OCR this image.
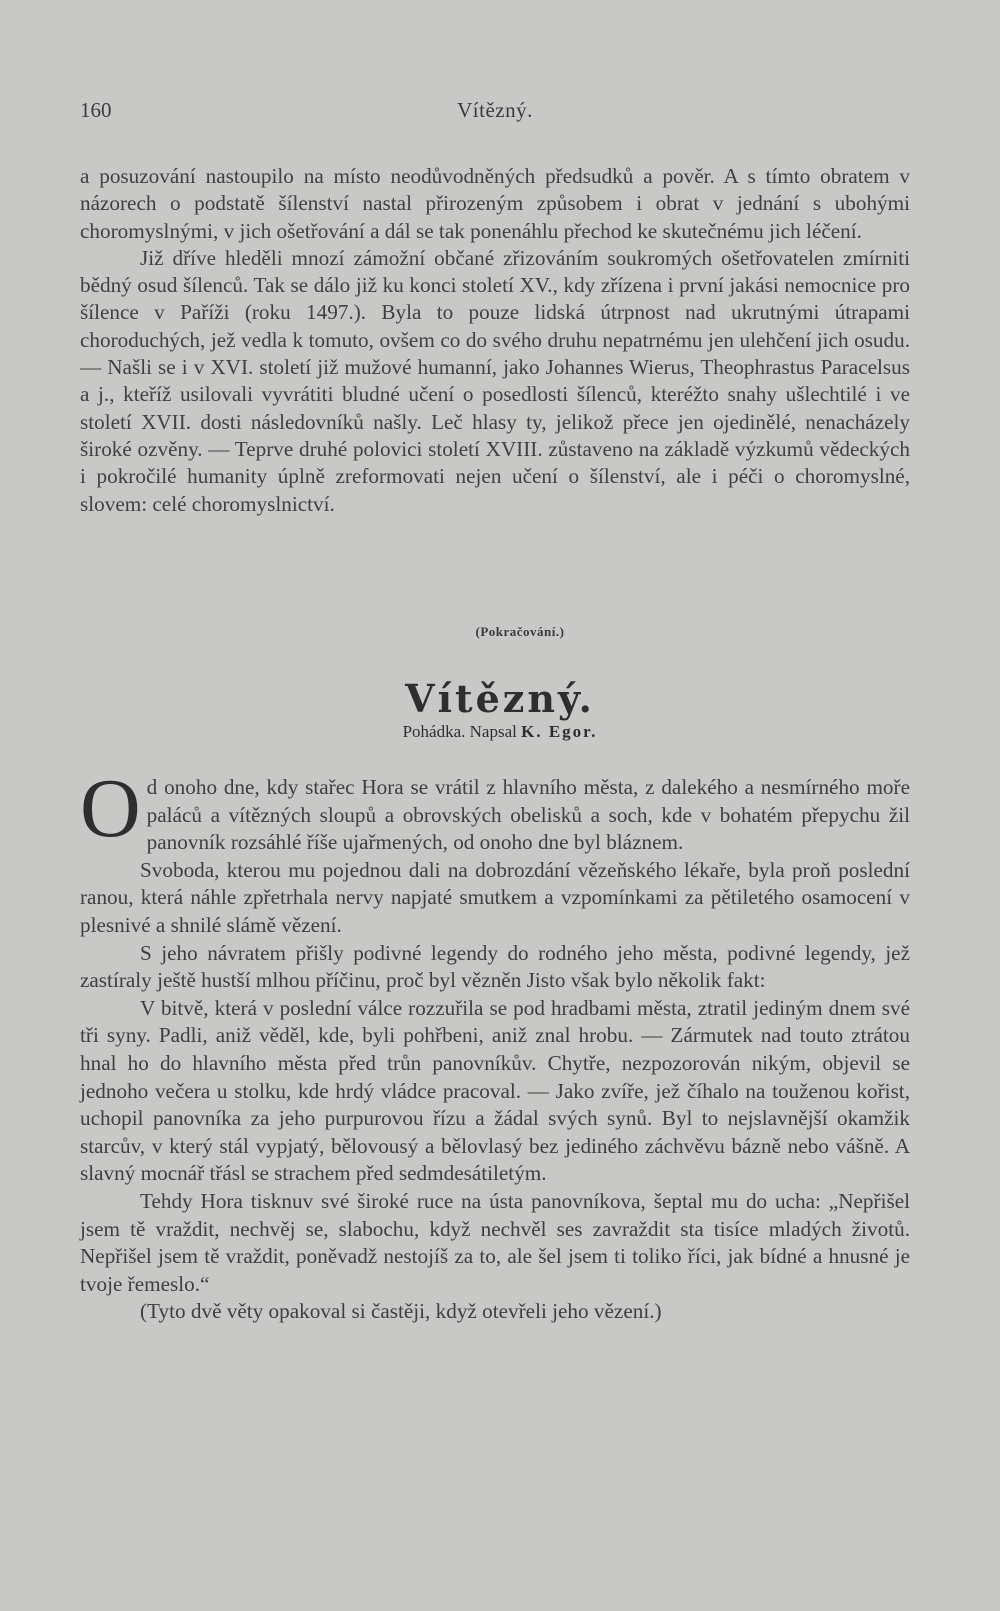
160	Vítězný.

a posuzování nastoupilo na místo neodůvodněných předsudků a pověr. A s tímto obratem v názorech o podstatě šílenství nastal přirozeným způsobem i obrat v jednání s ubohými choromyslnými, v jich ošetřování a dál se tak ponenáhlu přechod ke skutečnému jich léčení.

Již dříve hleděli mnozí zámožní občané zřizováním soukromých ošetřovatelen zmírniti bědný osud šílenců. Tak se dálo již ku konci století XV., kdy zřízena i první jakási nemocnice pro šílence v Paříži (roku 1497.). Byla to pouze lidská útrpnost nad ukrutnými útrapami choroduchých, jež vedla k tomuto, ovšem co do svého druhu nepatrnému jen ulehčení jich osudu. — Našli se i v XVI. století již mužové humanní, jako Johannes Wierus, Theophrastus Paracelsus a j., kteříž usilovali vyvrátiti bludné učení o posedlosti šílenců, kteréžto snahy ušlechtilé i ve století XVII. dosti následovníků našly. Leč hlasy ty, jelikož přece jen ojedinělé, nenacházely široké ozvěny. — Teprve druhé polovici století XVIII. zůstaveno na základě výzkumů vědeckých i pokročilé humanity úplně zreformovati nejen učení o šílenství, ale i péči o choromyslné, slovem: celé choromyslnictví.

(Pokračování.)
Vítězný.
Pohádka. Napsal K. Egor.

Od onoho dne, kdy stařec Hora se vrátil z hlavního města, z dalekého a nesmírného moře paláců a vítězných sloupů a obrovských obelisků a soch, kde v bohatém přepychu žil panovník rozsáhlé říše ujařmených, od onoho dne byl bláznem.

Svoboda, kterou mu pojednou dali na dobrozdání vězeňského lékaře, byla proň poslední ranou, která náhle zpřetrhala nervy napjaté smutkem a vzpomínkami za pětiletého osamocení v plesnivé a shnilé slámě vězení.

S jeho návratem přišly podivné legendy do rodného jeho města, podivné legendy, jež zastíraly ještě hustší mlhou příčinu, proč byl vězněn Jisto však bylo několik fakt:

V bitvě, která v poslední válce rozzuřila se pod hradbami města, ztratil jediným dnem své tři syny. Padli, aniž věděl, kde, byli pohřbeni, aniž znal hrobu. — Zármutek nad touto ztrátou hnal ho do hlavního města před trůn panovníkův. Chytře, nezpozorován nikým, objevil se jednoho večera u stolku, kde hrdý vládce pracoval. — Jako zvíře, jež číhalo na touženou kořist, uchopil panovníka za jeho purpurovou řízu a žádal svých synů. Byl to nejslavnější okamžik starcův, v který stál vypjatý, bělovousý a bělovlasý bez jediného záchvěvu bázně nebo vášně. A slavný mocnář třásl se strachem před sedmdesátiletým.

Tehdy Hora tisknuv své široké ruce na ústa panovníkova, šeptal mu do ucha: „Nepřišel jsem tě vraždit, nechvěj se, slabochu, když nechvěl ses zavraždit sta tisíce mladých životů. Nepřišel jsem tě vraždit, poněvadž nestojíš za to, ale šel jsem ti toliko říci, jak bídné a hnusné je tvoje řemeslo.“

(Tyto dvě věty opakoval si častěji, když otevřeli jeho vězení.)
